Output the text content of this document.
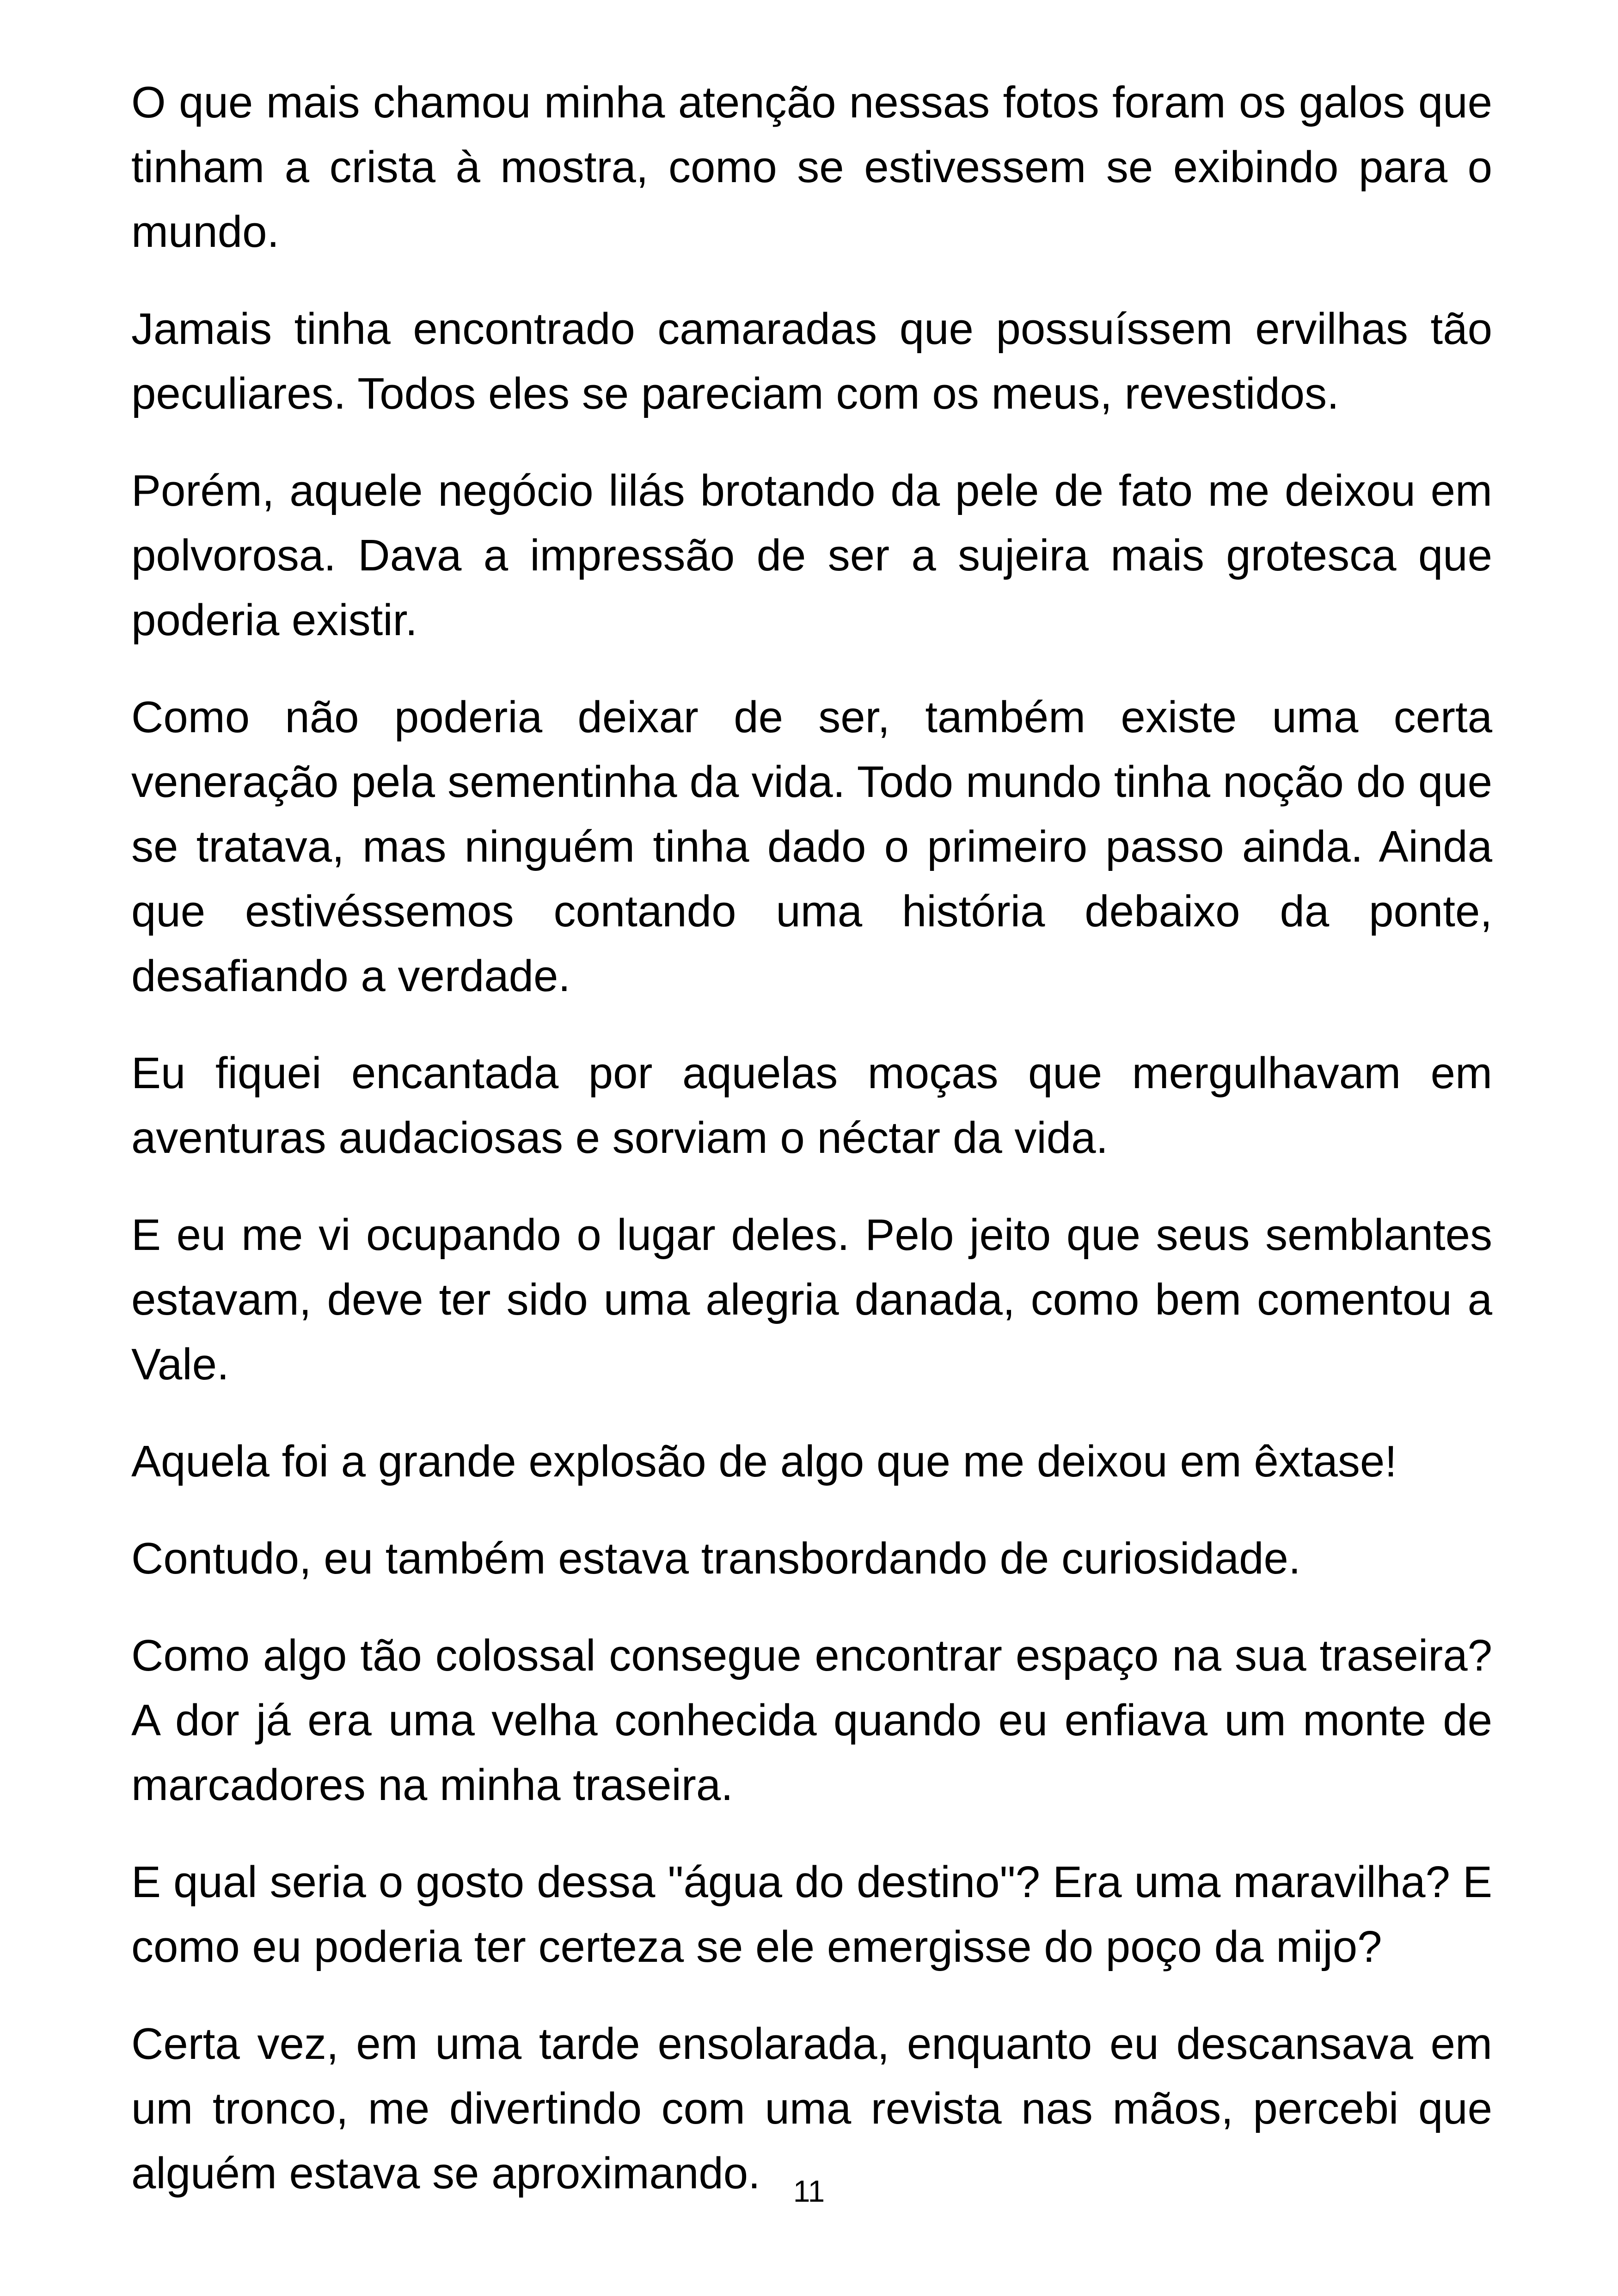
O que mais chamou minha atenção nessas fotos foram os galos que tinham a crista à mostra, como se estivessem se exibindo para o mundo.

Jamais tinha encontrado camaradas que possuíssem ervilhas tão peculiares. Todos eles se pareciam com os meus, revestidos.

Porém, aquele negócio lilás brotando da pele de fato me deixou em polvorosa. Dava a impressão de ser a sujeira mais grotesca que poderia existir.

Como não poderia deixar de ser, também existe uma certa veneração pela sementinha da vida. Todo mundo tinha noção do que se tratava, mas ninguém tinha dado o primeiro passo ainda. Ainda que estivéssemos contando uma história debaixo da ponte, desafiando a verdade.

Eu fiquei encantada por aquelas moças que mergulhavam em aventuras audaciosas e sorviam o néctar da vida.

E eu me vi ocupando o lugar deles. Pelo jeito que seus semblantes estavam, deve ter sido uma alegria danada, como bem comentou a Vale.

Aquela foi a grande explosão de algo que me deixou em êxtase!

Contudo, eu também estava transbordando de curiosidade.

Como algo tão colossal consegue encontrar espaço na sua traseira? A dor já era uma velha conhecida quando eu enfiava um monte de marcadores na minha traseira.

E qual seria o gosto dessa "água do destino"? Era uma maravilha? E como eu poderia ter certeza se ele emergisse do poço da mijo?

Certa vez, em uma tarde ensolarada, enquanto eu descansava em um tronco, me divertindo com uma revista nas mãos, percebi que alguém estava se aproximando.	11
